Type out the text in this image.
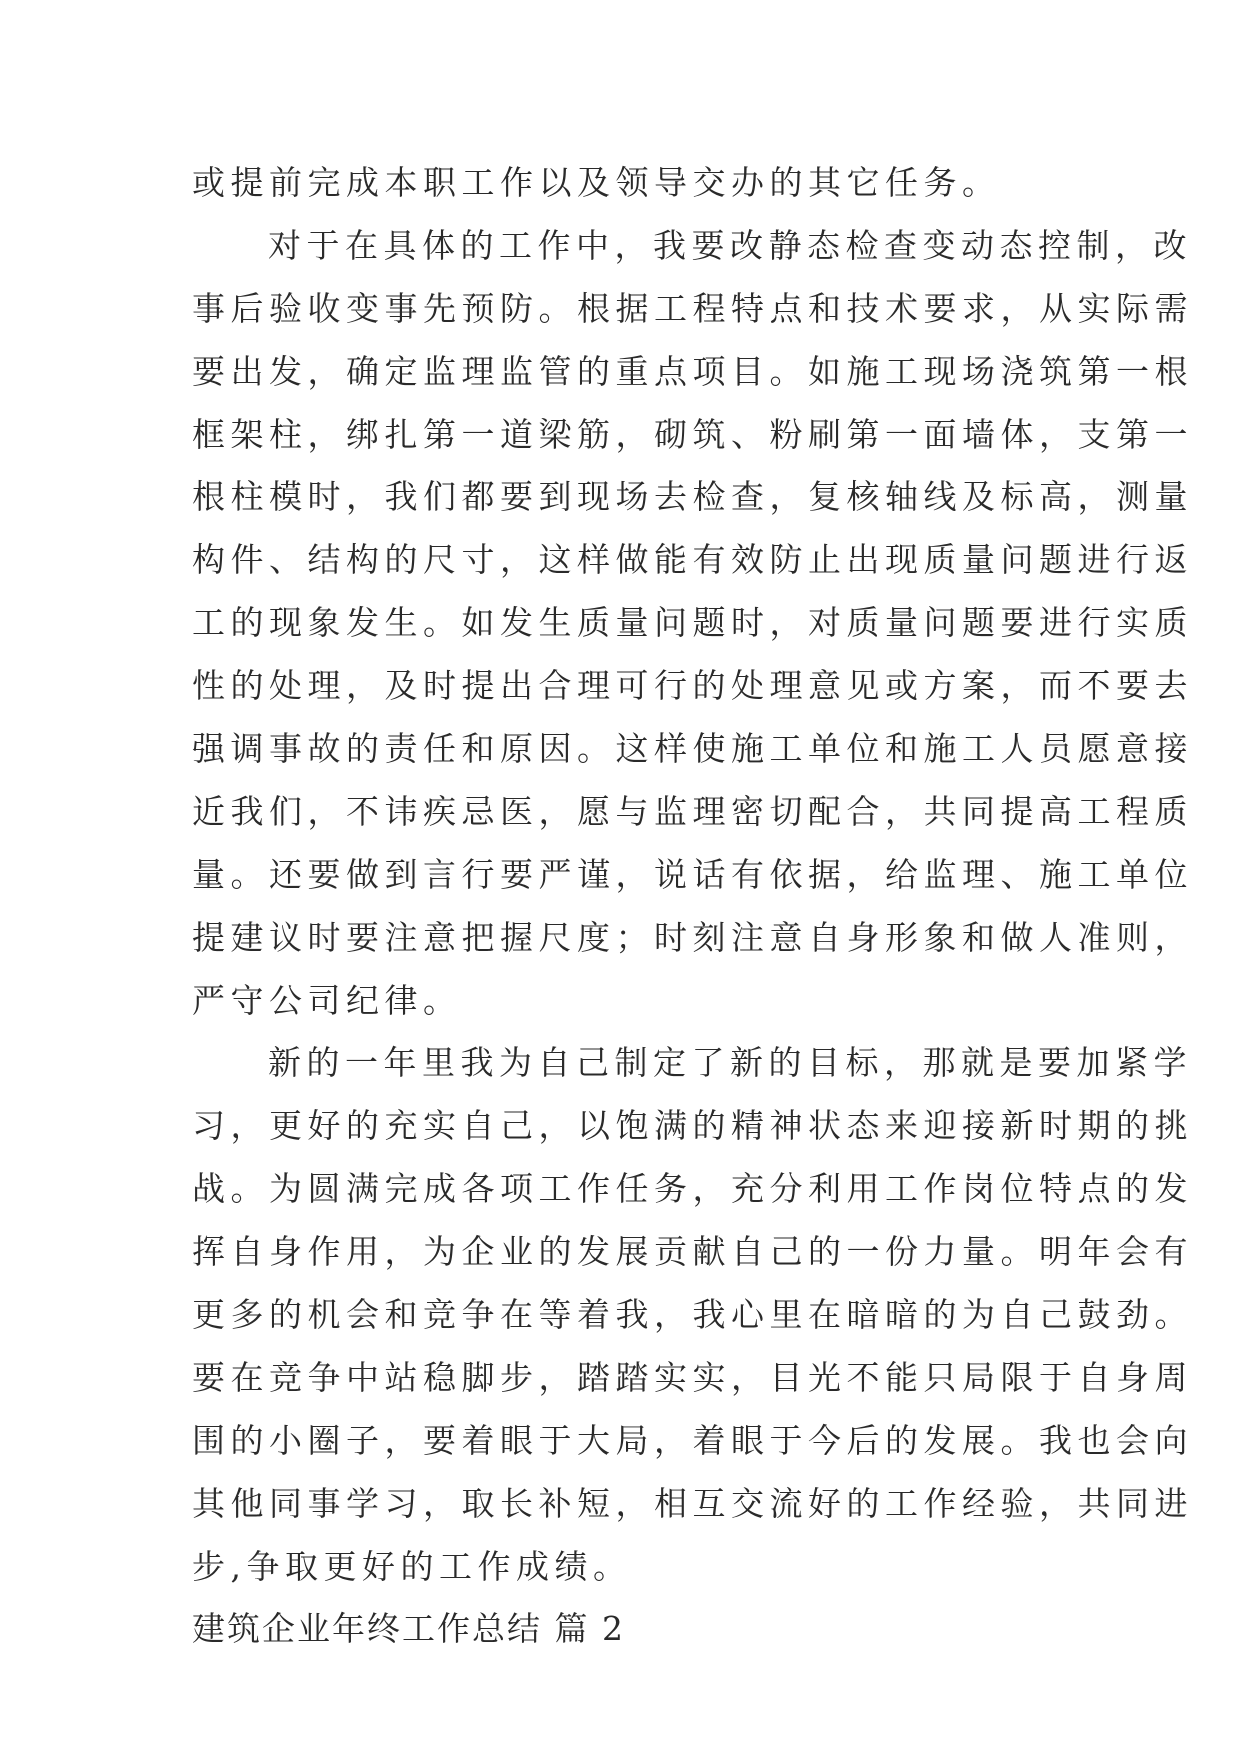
或提前完成本职工作以及领导交办的其它任务。
对于在具体的工作中，我要改静态检查变动态控制，改
事后验收变事先预防。根据工程特点和技术要求，从实际需
要出发，确定监理监管的重点项目。如施工现场浇筑第一根
框架柱，绑扎第一道梁筋，砌筑、粉刷第一面墙体，支第一
根柱模时，我们都要到现场去检查，复核轴线及标高，测量
构件、结构的尺寸，这样做能有效防止出现质量问题进行返
工的现象发生。如发生质量问题时，对质量问题要进行实质
性的处理，及时提出合理可行的处理意见或方案，而不要去
强调事故的责任和原因。这样使施工单位和施工人员愿意接
近我们，不讳疾忌医，愿与监理密切配合，共同提高工程质
量。还要做到言行要严谨，说话有依据，给监理、施工单位
提建议时要注意把握尺度；时刻注意自身形象和做人准则，
严守公司纪律。
新的一年里我为自己制定了新的目标，那就是要加紧学
习，更好的充实自己，以饱满的精神状态来迎接新时期的挑
战。为圆满完成各项工作任务，充分利用工作岗位特点的发
挥自身作用，为企业的发展贡献自己的一份力量。明年会有
更多的机会和竞争在等着我，我心里在暗暗的为自己鼓劲。
要在竞争中站稳脚步，踏踏实实，目光不能只局限于自身周
围的小圈子，要着眼于大局，着眼于今后的发展。我也会向
其他同事学习，取长补短，相互交流好的工作经验，共同进
步,争取更好的工作成绩。
建筑企业年终工作总结 篇 2
